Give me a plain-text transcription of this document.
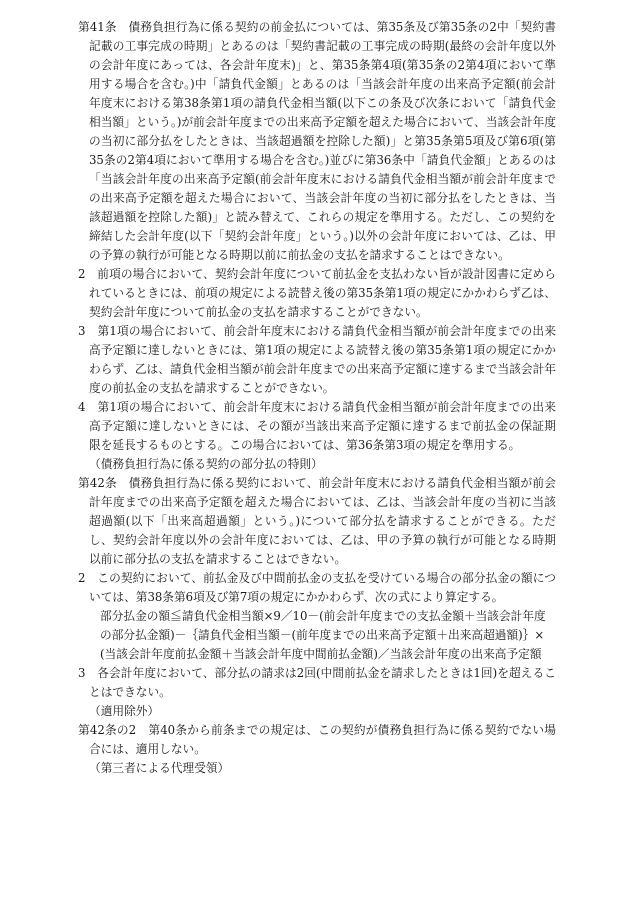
第41条　債務負担行為に係る契約の前金払については、第35条及び第35条の2中「契約書記載の工事完成の時期」とあるのは「契約書記載の工事完成の時期(最終の会計年度以外の会計年度にあっては、各会計年度末)」と、第35条第4項(第35条の2第4項において準用する場合を含む。)中「請負代金額」とあるのは「当該会計年度の出来高予定額(前会計年度末における第38条第1項の請負代金相当額(以下この条及び次条において「請負代金相当額」という。)が前会計年度までの出来高予定額を超えた場合において、当該会計年度の当初に部分払をしたときは、当該超過額を控除した額)」と第35条第5項及び第6項(第35条の2第4項において準用する場合を含む。)並びに第36条中「請負代金額」とあるのは「当該会計年度の出来高予定額(前会計年度末における請負代金相当額が前会計年度までの出来高予定額を超えた場合において、当該会計年度の当初に部分払をしたときは、当該超過額を控除した額)」と読み替えて、これらの規定を準用する。ただし、この契約を締結した会計年度(以下「契約会計年度」という。)以外の会計年度においては、乙は、甲の予算の執行が可能となる時期以前に前払金の支払を請求することはできない。

2　前項の場合において、契約会計年度について前払金を支払わない旨が設計図書に定められているときには、前項の規定による読替え後の第35条第1項の規定にかかわらず乙は、契約会計年度について前払金の支払を請求することができない。

3　第1項の場合において、前会計年度末における請負代金相当額が前会計年度までの出来高予定額に達しないときには、第1項の規定による読替え後の第35条第1項の規定にかかわらず、乙は、請負代金相当額が前会計年度までの出来高予定額に達するまで当該会計年度の前払金の支払を請求することができない。

4　第1項の場合において、前会計年度末における請負代金相当額が前会計年度までの出来高予定額に達しないときには、その額が当該出来高予定額に達するまで前払金の保証期限を延長するものとする。この場合においては、第36条第3項の規定を準用する。

（債務負担行為に係る契約の部分払の特則）

第42条　債務負担行為に係る契約において、前会計年度末における請負代金相当額が前会計年度までの出来高予定額を超えた場合においては、乙は、当該会計年度の当初に当該超過額(以下「出来高超過額」という。)について部分払を請求することができる。ただし、契約会計年度以外の会計年度においては、乙は、甲の予算の執行が可能となる時期以前に部分払の支払を請求することはできない。

2　この契約において、前払金及び中間前払金の支払を受けている場合の部分払金の額については、第38条第6項及び第7項の規定にかかわらず、次の式により算定する。

部分払金の額≦請負代金相当額×9／10－(前会計年度までの支払金額＋当該会計年度

の部分払金額)－｛請負代金相当額－(前年度までの出来高予定額＋出来高超過額)｝×

(当該会計年度前払金額＋当該会計年度中間前払金額)／当該会計年度の出来高予定額

3　各会計年度において、部分払の請求は2回(中間前払金を請求したときは1回)を超えることはできない。

（適用除外）

第42条の2　第40条から前条までの規定は、この契約が債務負担行為に係る契約でない場合には、適用しない。

（第三者による代理受領）
